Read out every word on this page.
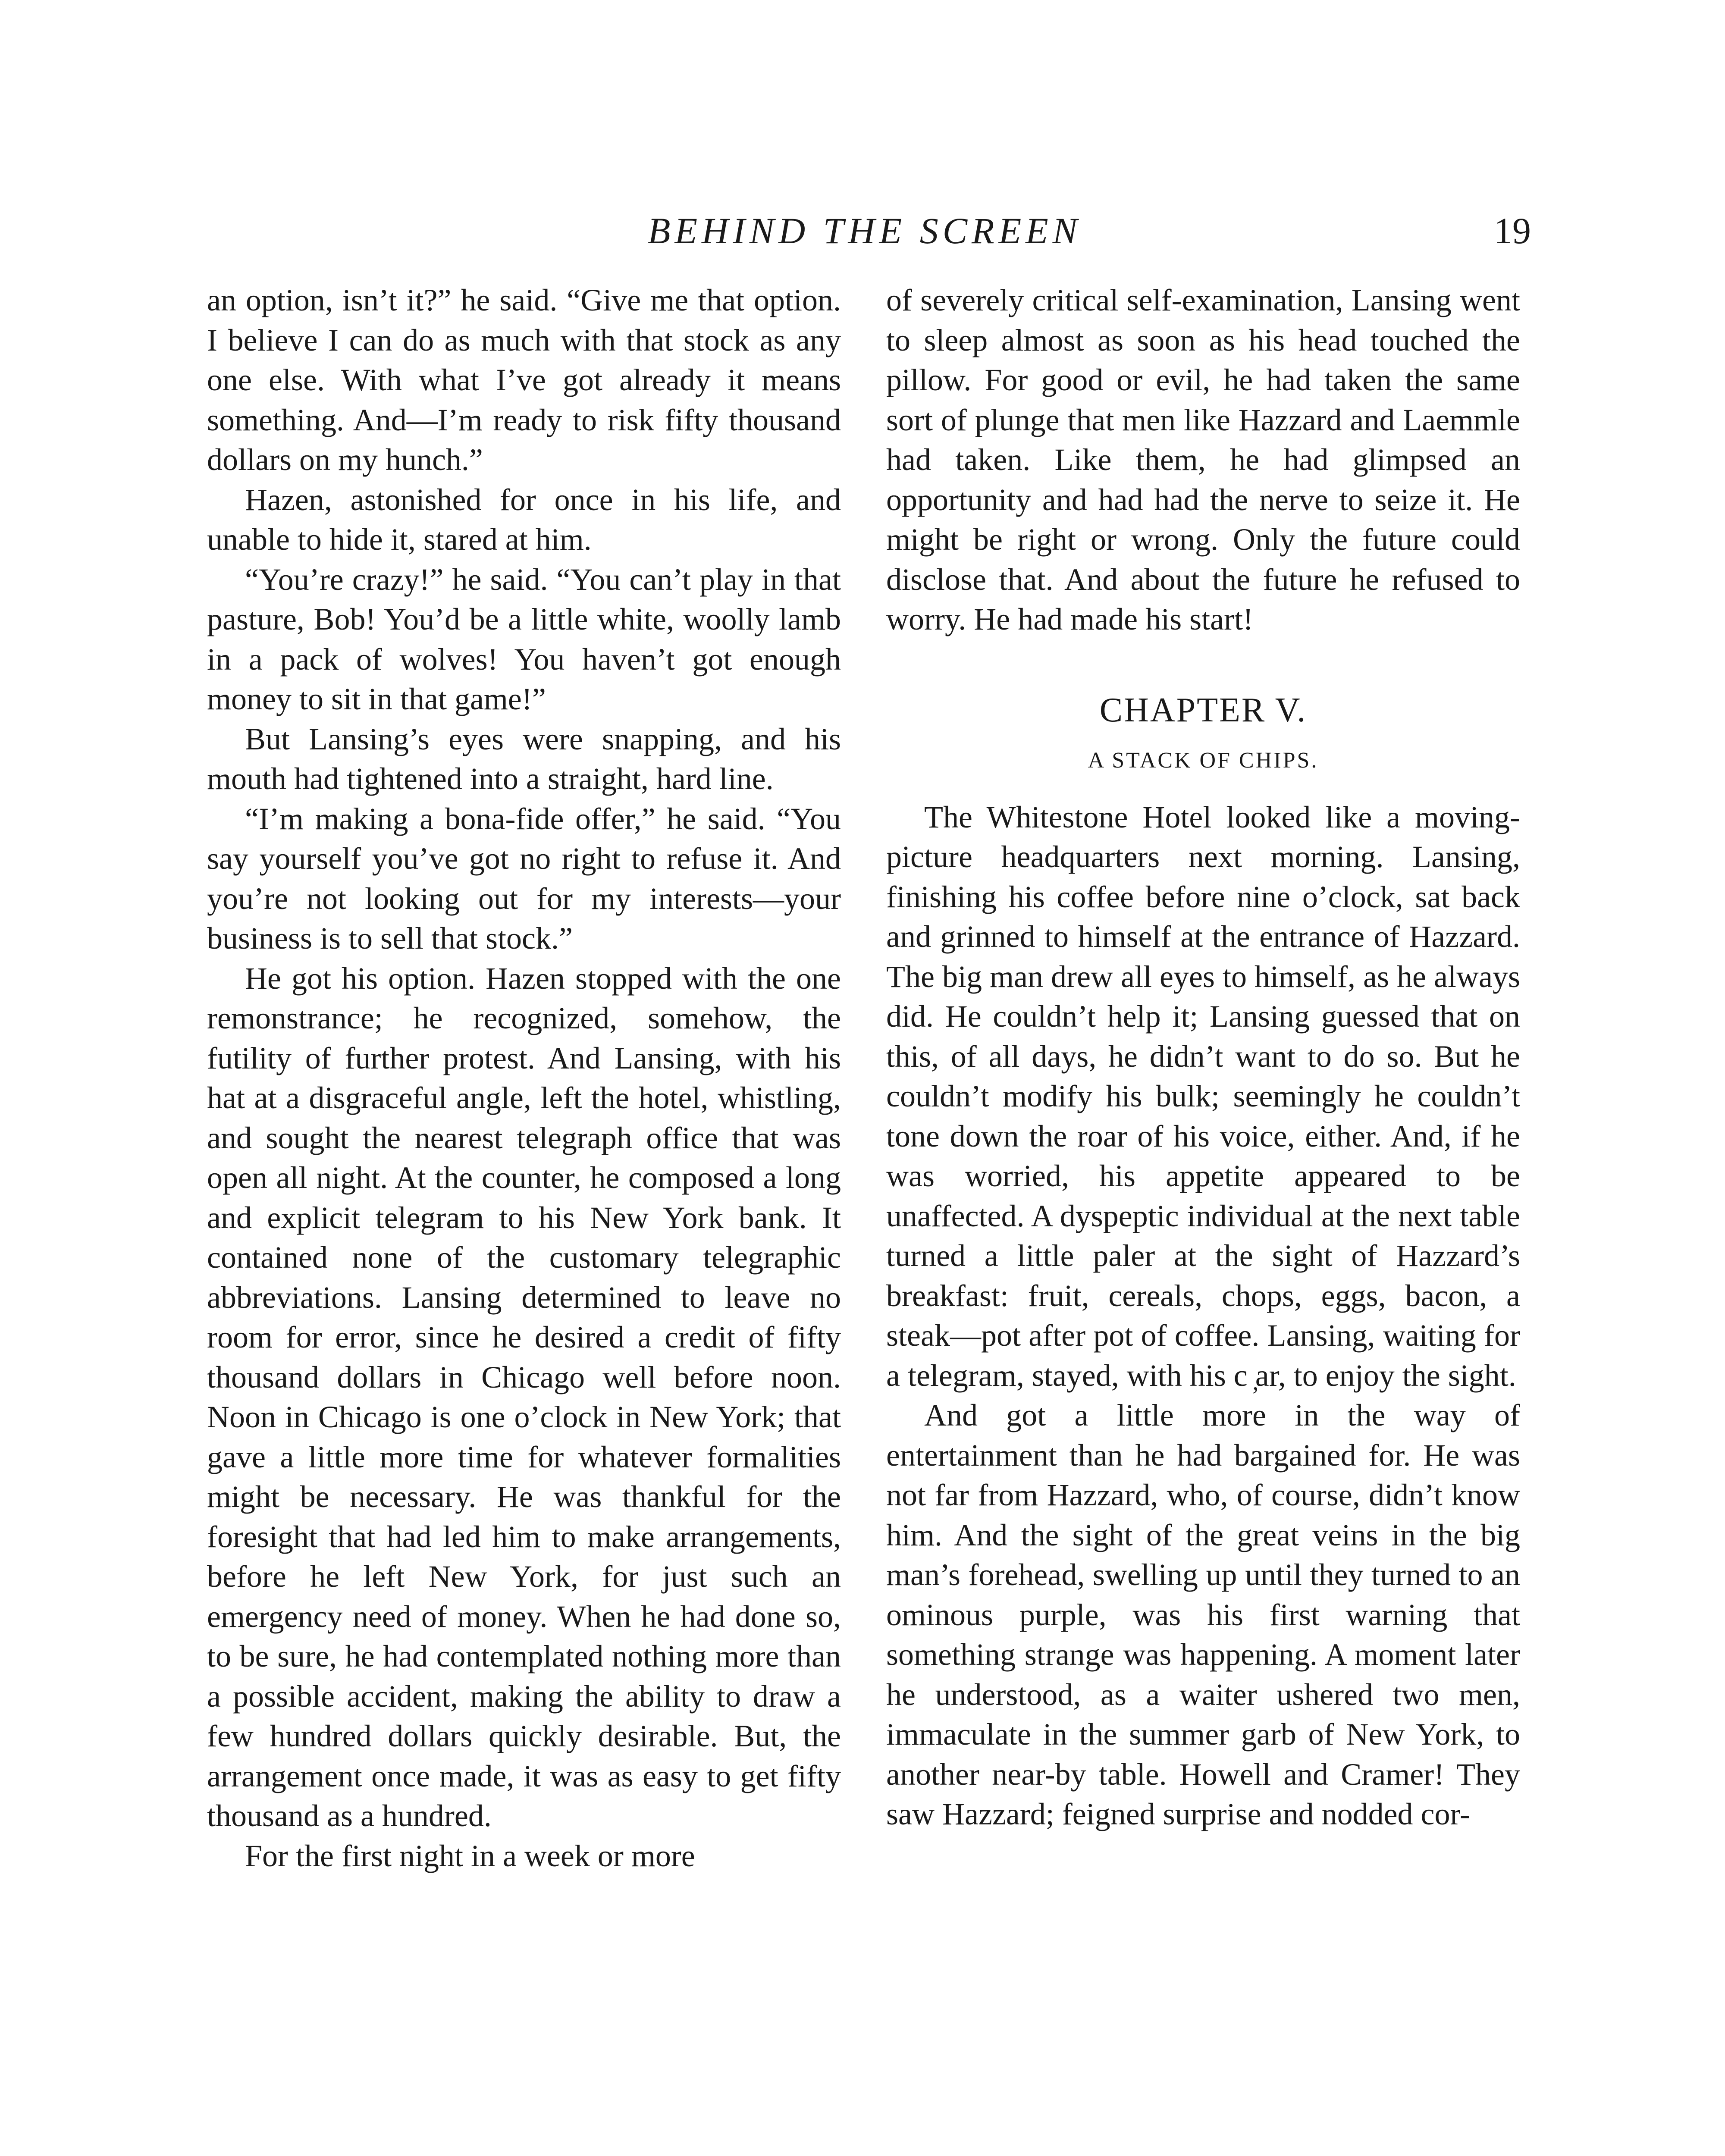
BEHIND THE SCREEN	19

an option, isn’t it?” he said. “Give me that option. I believe I can do as much with that stock as any one else. With what I’ve got already it means something. And—I’m ready to risk fifty thousand dollars on my hunch.”

Hazen, astonished for once in his life, and unable to hide it, stared at him.

“You’re crazy!” he said. “You can’t play in that pasture, Bob! You’d be a little white, woolly lamb in a pack of wolves! You haven’t got enough money to sit in that game!”

But Lansing’s eyes were snapping, and his mouth had tightened into a straight, hard line.

“I’m making a bona-fide offer,” he said. “You say yourself you’ve got no right to refuse it. And you’re not looking out for my interests—your business is to sell that stock.”

He got his option. Hazen stopped with the one remonstrance; he recognized, somehow, the futility of further protest. And Lansing, with his hat at a disgraceful angle, left the hotel, whistling, and sought the nearest telegraph office that was open all night. At the counter, he composed a long and explicit telegram to his New York bank. It contained none of the customary telegraphic abbreviations. Lansing determined to leave no room for error, since he desired a credit of fifty thousand dollars in Chicago well before noon. Noon in Chicago is one o’clock in New York; that gave a little more time for whatever formalities might be necessary. He was thankful for the foresight that had led him to make arrangements, before he left New York, for just such an emergency need of money. When he had done so, to be sure, he had contemplated nothing more than a possible accident, making the ability to draw a few hundred dollars quickly desirable. But, the arrangement once made, it was as easy to get fifty thousand as a hundred.

For the first night in a week or more

of severely critical self-examination, Lansing went to sleep almost as soon as his head touched the pillow. For good or evil, he had taken the same sort of plunge that men like Hazzard and Laemmle had taken. Like them, he had glimpsed an opportunity and had had the nerve to seize it. He might be right or wrong. Only the future could disclose that. And about the future he refused to worry. He had made his start!

CHAPTER V.
A STACK OF CHIPS.

The Whitestone Hotel looked like a moving-picture headquarters next morning. Lansing, finishing his coffee before nine o’clock, sat back and grinned to himself at the entrance of Hazzard. The big man drew all eyes to himself, as he always did. He couldn’t help it; Lansing guessed that on this, of all days, he didn’t want to do so. But he couldn’t modify his bulk; seemingly he couldn’t tone down the roar of his voice, either. And, if he was worried, his appetite appeared to be unaffected. A dyspeptic individual at the next table turned a little paler at the sight of Hazzard’s breakfast: fruit, cereals, chops, eggs, bacon, a steak—pot after pot of coffee. Lansing, waiting for a telegram, stayed, with his c ̦ar, to enjoy the sight.

And got a little more in the way of entertainment than he had bargained for. He was not far from Hazzard, who, of course, didn’t know him. And the sight of the great veins in the big man’s forehead, swelling up until they turned to an ominous purple, was his first warning that something strange was happening. A moment later he understood, as a waiter ushered two men, immaculate in the summer garb of New York, to another near-by table. Howell and Cramer! They saw Hazzard; feigned surprise and nodded cor-
